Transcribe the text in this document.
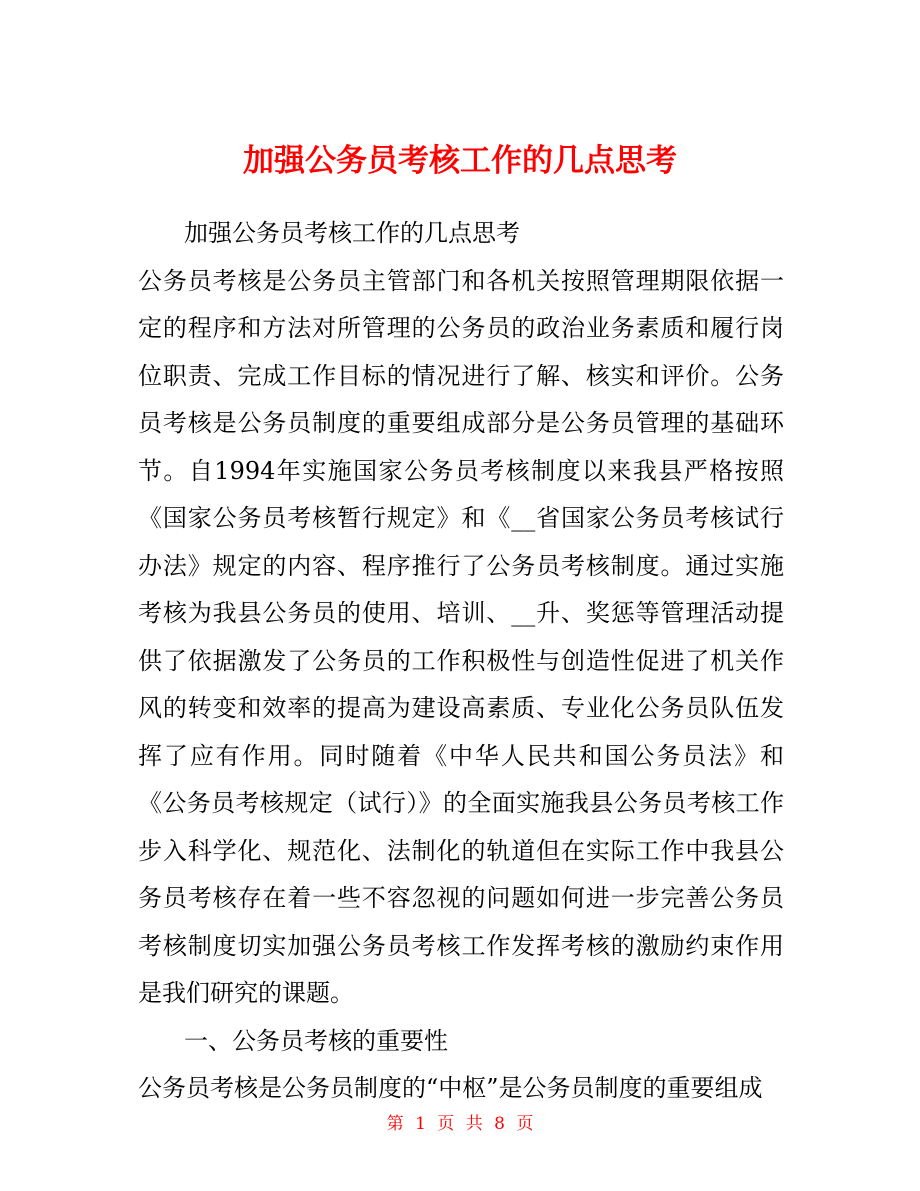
加强公务员考核工作的几点思考

加强公务员考核工作的几点思考

公务员考核是公务员主管部门和各机关按照管理期限依据一定的程序和方法对所管理的公务员的政治业务素质和履行岗位职责、完成工作目标的情况进行了解、核实和评价。公务员考核是公务员制度的重要组成部分是公务员管理的基础环节。自1994年实施国家公务员考核制度以来我县严格按照《国家公务员考核暂行规定》和《__省国家公务员考核试行办法》规定的内容、程序推行了公务员考核制度。通过实施考核为我县公务员的使用、培训、__升、奖惩等管理活动提供了依据激发了公务员的工作积极性与创造性促进了机关作风的转变和效率的提高为建设高素质、专业化公务员队伍发挥了应有作用。同时随着《中华人民共和国公务员法》和《公务员考核规定（试行）》的全面实施我县公务员考核工作步入科学化、规范化、法制化的轨道但在实际工作中我县公务员考核存在着一些不容忽视的问题如何进一步完善公务员考核制度切实加强公务员考核工作发挥考核的激励约束作用是我们研究的课题。

一、公务员考核的重要性

公务员考核是公务员制度的“中枢”是公务员制度的重要组成

第 1 页 共 8 页
